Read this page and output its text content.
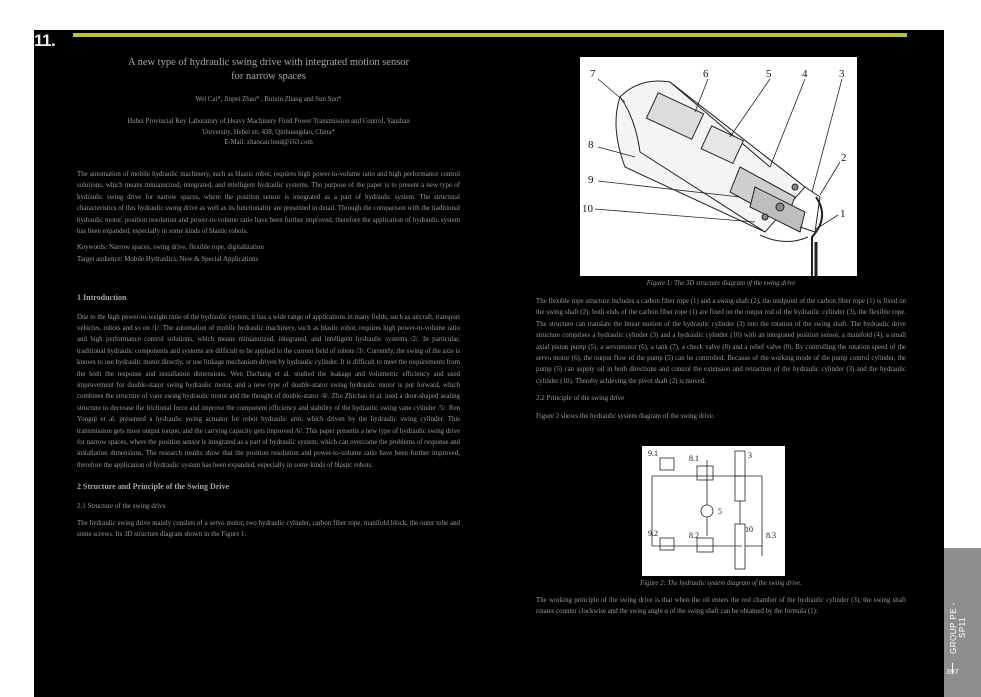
11.
A new type of hydraulic swing drive with integrated motion sensor
for narrow spaces
Wei Cai*, Jinpei Zhao* , Ruixin Zhang and Sun Sun*
Hubei Provincial Key Laboratory of Heavy Machinery Fluid Power Transmission and Control, Yanshan
University, Hebei str, 438, Qinhuangdao, China*
E-Mail: zhaocaicloud@163.com

The automation of mobile hydraulic machinery, such as blastic robot, requires high power-to-volume ratio and high performance control solutions, which means miniaturized, integrated, and intelligent hydraulic systems. The purpose of the paper is to present a new type of hydraulic swing drive for narrow spaces, where the position sensor is integrated as a part of hydraulic system. The structural characteristics of this hydraulic swing drive as well as its functionality are presented in detail. Through the comparison with the traditional hydraulic motor, position resolution and power-to-volume ratio have been further improved, therefore the application of hydraulic system has been expanded, especially in some kinds of blastic robots.

Keywords: Narrow spaces, swing drive, flexible rope, digitalization

Target audience: Mobile Hydraulics, New & Special Applications

1 Introduction

Due to the high power-to-weight ratio of the hydraulic system, it has a wide range of applications in many fields, such as aircraft, transport vehicles, robots and so on /1/. The automation of mobile hydraulic machinery, such as blastic robot, requires high power-to-volume ratio and high performance control solutions, which means miniaturized, integrated, and intelligent hydraulic systems /2/. In particular, traditional hydraulic components and systems are difficult to be applied to the current field of robots /3/. Currently, the swing of the axis is known to use hydraulic motor directly, or use linkage mechanism driven by hydraulic cylinder. It is difficult to meet the requirements from the both the response and installation dimensions. Wen Dachang et al. studied the leakage and volumetric efficiency and used improvement for double-stator swing hydraulic motor, and a new type of double-stator swing hydraulic motor is put forward, which combines the structure of vane swing hydraulic motor and the thought of double-stator /4/. Zhu Zhichao et al. used a door-shaped sealing structure to decrease the frictional force and improve the component efficiency and stability of the hydraulic swing vane cylinder /5/. Ren Yongqi et al. presented a hydraulic swing actuator for robot hydraulic arm, which driven by the hydraulic swing cylinder. This transmission gets more output torque, and the carrying capacity gets improved /6/. This paper presents a new type of hydraulic swing drive for narrow spaces, where the position sensor is integrated as a part of hydraulic system, which can overcome the problems of response and installation dimensions. The research results show that the position resolution and power-to-volume ratio have been further improved, therefore the application of hydraulic system has been expanded, especially in some kinds of blastic robots.

2 Structure and Principle of the Swing Drive
2.1 Structure of the swing drive

The hydraulic swing drive mainly consists of a servo motor, two hydraulic cylinder, carbon fiber rope, manifold block, the outer tube and some screws. Its 3D structure diagram shown in the Figure 1.

7	6	5	4	3
8
2
9
10	1
Figure 1: The 3D structure diagram of the swing drive

The flexible rope structure includes a carbon fiber rope (1) and a swing shaft (2), the midpoint of the carbon fiber rope (1) is fixed on the swing shaft (2), both ends of the carbon fiber rope (1) are fixed on the output rod of the hydraulic cylinder (3), the flexible rope. The structure can translate the linear motion of the hydraulic cylinder (3) into the rotation of the swing shaft. The hydraulic drive structure comprises a hydraulic cylinder (3) and a hydraulic cylinder (10) with an integrated position sensor, a manifold (4), a small axial piston pump (5), a servomotor (6), a tank (7), a check valve (8) and a relief valve (9). By controlling the rotation speed of the servo motor (6), the output flow of the pump (5) can be controlled. Because of the working mode of the pump control cylinder, the pump (5) can supply oil in both directions and control the extension and retraction of the hydraulic cylinder (3) and the hydraulic cylinder (10). Thereby achieving the pivot shaft (2) is moved.

2.2 Principle of the swing drive

Figure 2 shows the hydraulic system diagram of the swing drive.

9.1
8.1	3
5
9.2	8.2
10
8.3
Figure 2: The hydraulic system diagram of the swing drive.

The working principle of the swing drive is that when the oil enters the rod chamber of the hydraulic cylinder (3), the swing shaft rotates counter clockwise and the swing angle α of the swing shaft can be obtained by the formula (1):	GROUP PE - SP11
397
